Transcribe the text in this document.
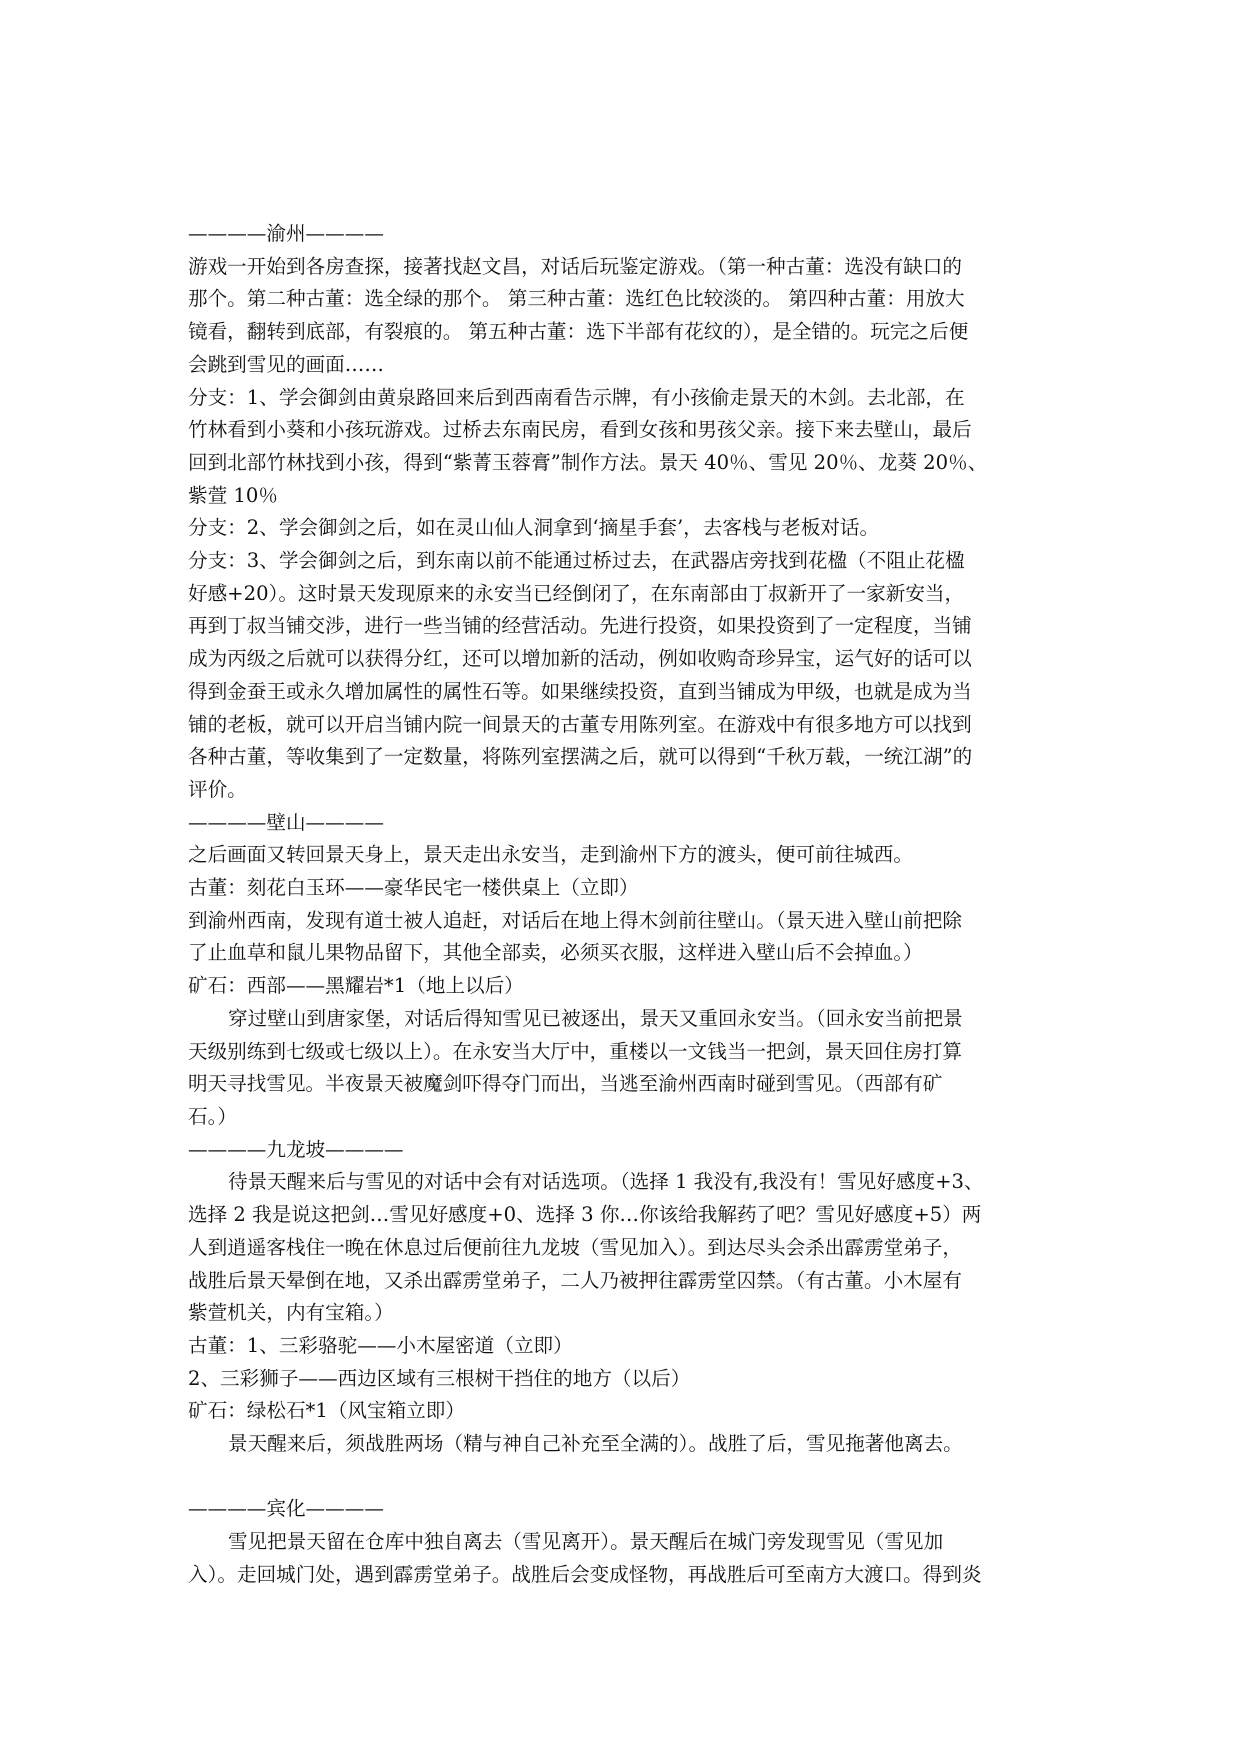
————渝州————
游戏一开始到各房查探，接著找赵文昌，对话后玩鉴定游戏。（第一种古董：选没有缺口的
那个。第二种古董：选全绿的那个。 第三种古董：选红色比较淡的。 第四种古董：用放大
镜看，翻转到底部，有裂痕的。 第五种古董：选下半部有花纹的），是全错的。玩完之后便
会跳到雪见的画面……
分支：1、学会御剑由黄泉路回来后到西南看告示牌，有小孩偷走景天的木剑。去北部，在
竹林看到小葵和小孩玩游戏。过桥去东南民房，看到女孩和男孩父亲。接下来去壁山，最后
回到北部竹林找到小孩，得到“紫菁玉蓉膏”制作方法。景天 40％、雪见 20％、龙葵 20％、
紫萱 10％
分支：2、学会御剑之后，如在灵山仙人洞拿到‘摘星手套’，去客栈与老板对话。
分支：3、学会御剑之后，到东南以前不能通过桥过去，在武器店旁找到花楹（不阻止花楹
好感+20）。这时景天发现原来的永安当已经倒闭了，在东南部由丁叔新开了一家新安当，
再到丁叔当铺交涉，进行一些当铺的经营活动。先进行投资，如果投资到了一定程度，当铺
成为丙级之后就可以获得分红，还可以增加新的活动，例如收购奇珍异宝，运气好的话可以
得到金蚕王或永久增加属性的属性石等。如果继续投资，直到当铺成为甲级，也就是成为当
铺的老板，就可以开启当铺内院一间景天的古董专用陈列室。在游戏中有很多地方可以找到
各种古董，等收集到了一定数量，将陈列室摆满之后，就可以得到“千秋万载，一统江湖”的
评价。
————壁山————
之后画面又转回景天身上，景天走出永安当，走到渝州下方的渡头，便可前往城西。
古董：刻花白玉环——豪华民宅一楼供桌上（立即）
到渝州西南，发现有道士被人追赶，对话后在地上得木剑前往壁山。（景天进入壁山前把除
了止血草和鼠儿果物品留下，其他全部卖，必须买衣服，这样进入壁山后不会掉血。）
矿石：西部——黑耀岩*1（地上以后）
穿过壁山到唐家堡，对话后得知雪见已被逐出，景天又重回永安当。（回永安当前把景
天级别练到七级或七级以上）。在永安当大厅中，重楼以一文钱当一把剑，景天回住房打算
明天寻找雪见。半夜景天被魔剑吓得夺门而出，当逃至渝州西南时碰到雪见。（西部有矿
石。）
————九龙坡————
待景天醒来后与雪见的对话中会有对话选项。（选择 1 我没有,我没有！雪见好感度+3、
选择 2 我是说这把剑…雪见好感度+0、选择 3 你…你该给我解药了吧？雪见好感度+5）两
人到逍遥客栈住一晚在休息过后便前往九龙坡（雪见加入）。到达尽头会杀出霹雳堂弟子，
战胜后景天晕倒在地，又杀出霹雳堂弟子，二人乃被押往霹雳堂囚禁。（有古董。小木屋有
紫萱机关，内有宝箱。）
古董：1、三彩骆驼——小木屋密道（立即）
2、三彩狮子——西边区域有三根树干挡住的地方（以后）
矿石：绿松石*1（风宝箱立即）
景天醒来后，须战胜两场（精与神自己补充至全满的）。战胜了后，雪见拖著他离去。
————宾化————
雪见把景天留在仓库中独自离去（雪见离开）。景天醒后在城门旁发现雪见（雪见加
入）。走回城门处，遇到霹雳堂弟子。战胜后会变成怪物，再战胜后可至南方大渡口。得到炎
